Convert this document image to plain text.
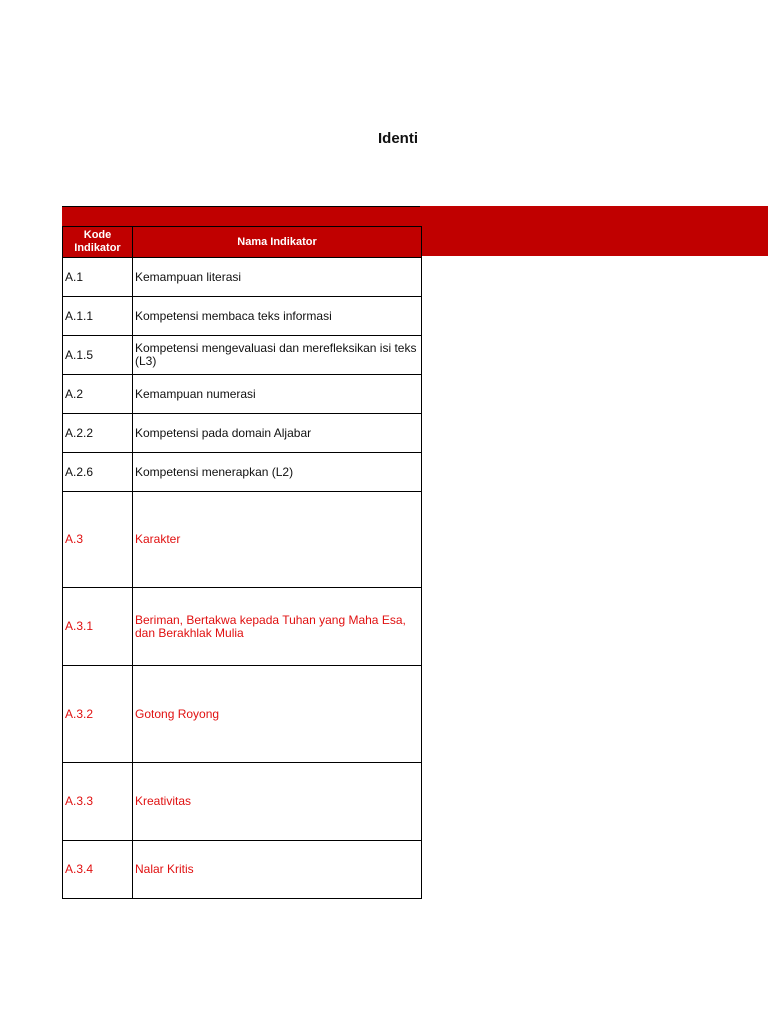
Identi
Kode Indikator	Nama Indikator
A.1	Kemampuan literasi
A.1.1	Kompetensi membaca teks informasi
A.1.5	Kompetensi mengevaluasi dan merefleksikan isi teks (L3)
A.2	Kemampuan numerasi
A.2.2	Kompetensi pada domain Aljabar
A.2.6	Kompetensi menerapkan (L2)
A.3	Karakter
A.3.1	Beriman, Bertakwa kepada Tuhan yang Maha Esa, dan Berakhlak Mulia
A.3.2	Gotong Royong
A.3.3	Kreativitas
A.3.4	Nalar Kritis
